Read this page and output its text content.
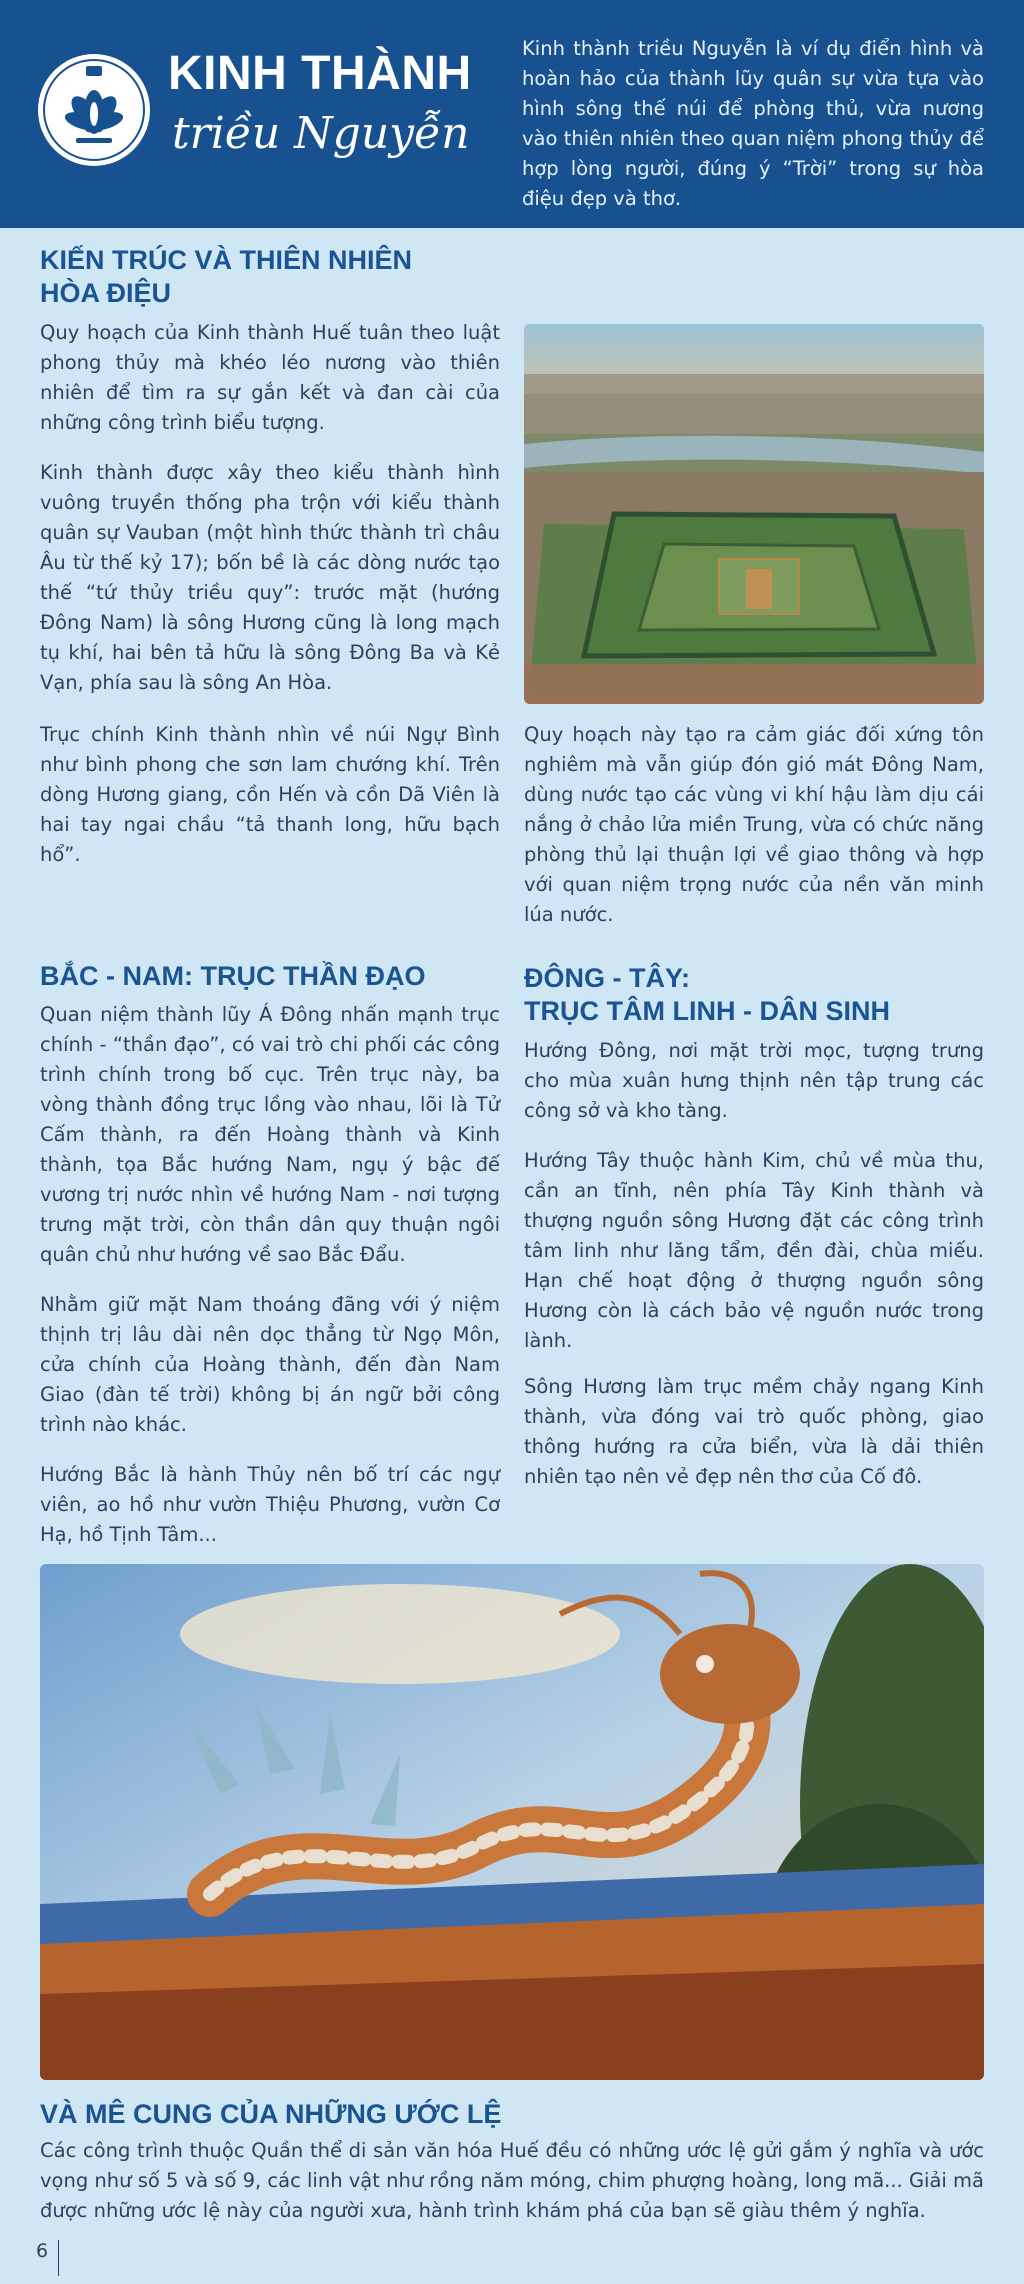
KINH THÀNH
triều Nguyễn
Kinh thành triều Nguyễn là ví dụ điển hình và hoàn hảo của thành lũy quân sự vừa tựa vào hình sông thế núi để phòng thủ, vừa nương vào thiên nhiên theo quan niệm phong thủy để hợp lòng người, đúng ý “Trời” trong sự hòa điệu đẹp và thơ.
KIẾN TRÚC VÀ THIÊN NHIÊN
HÒA ĐIỆU
Quy hoạch của Kinh thành Huế tuân theo luật phong thủy mà khéo léo nương vào thiên nhiên để tìm ra sự gắn kết và đan cài của những công trình biểu tượng.
Kinh thành được xây theo kiểu thành hình vuông truyền thống pha trộn với kiểu thành quân sự Vauban (một hình thức thành trì châu Âu từ thế kỷ 17); bốn bề là các dòng nước tạo thế “tứ thủy triều quy”: trước mặt (hướng Đông Nam) là sông Hương cũng là long mạch tụ khí, hai bên tả hữu là sông Đông Ba và Kẻ Vạn, phía sau là sông An Hòa.
Trục chính Kinh thành nhìn về núi Ngự Bình như bình phong che sơn lam chướng khí. Trên dòng Hương giang, cồn Hến và cồn Dã Viên là hai tay ngai chầu “tả thanh long, hữu bạch hổ”.
Quy hoạch này tạo ra cảm giác đối xứng tôn nghiêm mà vẫn giúp đón gió mát Đông Nam, dùng nước tạo các vùng vi khí hậu làm dịu cái nắng ở chảo lửa miền Trung, vừa có chức năng phòng thủ lại thuận lợi về giao thông và hợp với quan niệm trọng nước của nền văn minh lúa nước.
BẮC - NAM: TRỤC THẦN ĐẠO
Quan niệm thành lũy Á Đông nhấn mạnh trục chính - “thần đạo”, có vai trò chi phối các công trình chính trong bố cục. Trên trục này, ba vòng thành đồng trục lồng vào nhau, lõi là Tử Cấm thành, ra đến Hoàng thành và Kinh thành, tọa Bắc hướng Nam, ngụ ý bậc đế vương trị nước nhìn về hướng Nam - nơi tượng trưng mặt trời, còn thần dân quy thuận ngôi quân chủ như hướng về sao Bắc Đẩu.
Nhằm giữ mặt Nam thoáng đãng với ý niệm thịnh trị lâu dài nên dọc thẳng từ Ngọ Môn, cửa chính của Hoàng thành, đến đàn Nam Giao (đàn tế trời) không bị án ngữ bởi công trình nào khác.
Hướng Bắc là hành Thủy nên bố trí các ngự viên, ao hồ như vườn Thiệu Phương, vườn Cơ Hạ, hồ Tịnh Tâm...
ĐÔNG - TÂY:
TRỤC TÂM LINH - DÂN SINH
Hướng Đông, nơi mặt trời mọc, tượng trưng cho mùa xuân hưng thịnh nên tập trung các công sở và kho tàng.
Hướng Tây thuộc hành Kim, chủ về mùa thu, cần an tĩnh, nên phía Tây Kinh thành và thượng nguồn sông Hương đặt các công trình tâm linh như lăng tẩm, đền đài, chùa miếu. Hạn chế hoạt động ở thượng nguồn sông Hương còn là cách bảo vệ nguồn nước trong lành.
Sông Hương làm trục mềm chảy ngang Kinh thành, vừa đóng vai trò quốc phòng, giao thông hướng ra cửa biển, vừa là dải thiên nhiên tạo nên vẻ đẹp nên thơ của Cố đô.
VÀ MÊ CUNG CỦA NHỮNG ƯỚC LỆ
Các công trình thuộc Quần thể di sản văn hóa Huế đều có những ước lệ gửi gắm ý nghĩa và ước vọng như số 5 và số 9, các linh vật như rồng năm móng, chim phượng hoàng, long mã... Giải mã được những ước lệ này của người xưa, hành trình khám phá của bạn sẽ giàu thêm ý nghĩa.
6
